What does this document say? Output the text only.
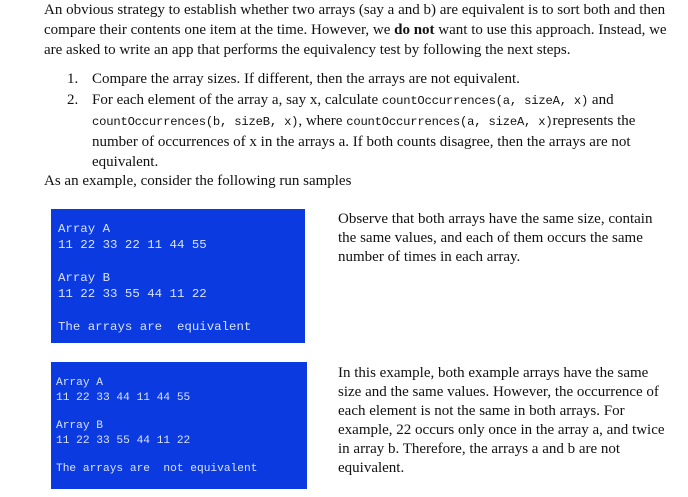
An obvious strategy to establish whether two arrays (say a and b) are equivalent is to sort both and then compare their contents one item at the time. However, we do not want to use this approach. Instead, we are asked to write an app that performs the equivalency test by following the next steps.

1. Compare the array sizes. If different, then the arrays are not equivalent.
2. For each element of the array a, say x, calculate countOccurrences(a, sizeA, x) and countOccurrences(b, sizeB, x), where countOccurrences(a, sizeA, x)represents the number of occurrences of x in the arrays a. If both counts disagree, then the arrays are not equivalent.

As an example, consider the following run samples

Array A
11 22 33 22 11 44 55
Array B
11 22 33 55 44 11 22
The arrays are  equivalent

Observe that both arrays have the same size, contain the same values, and each of them occurs the same number of times in each array.

Array A
11 22 33 44 11 44 55
Array B
11 22 33 55 44 11 22
The arrays are  not equivalent

In this example, both example arrays have the same size and the same values. However, the occurrence of each element is not the same in both arrays. For example, 22 occurs only once in the array a, and twice in array b. Therefore, the arrays a and b are not equivalent.
